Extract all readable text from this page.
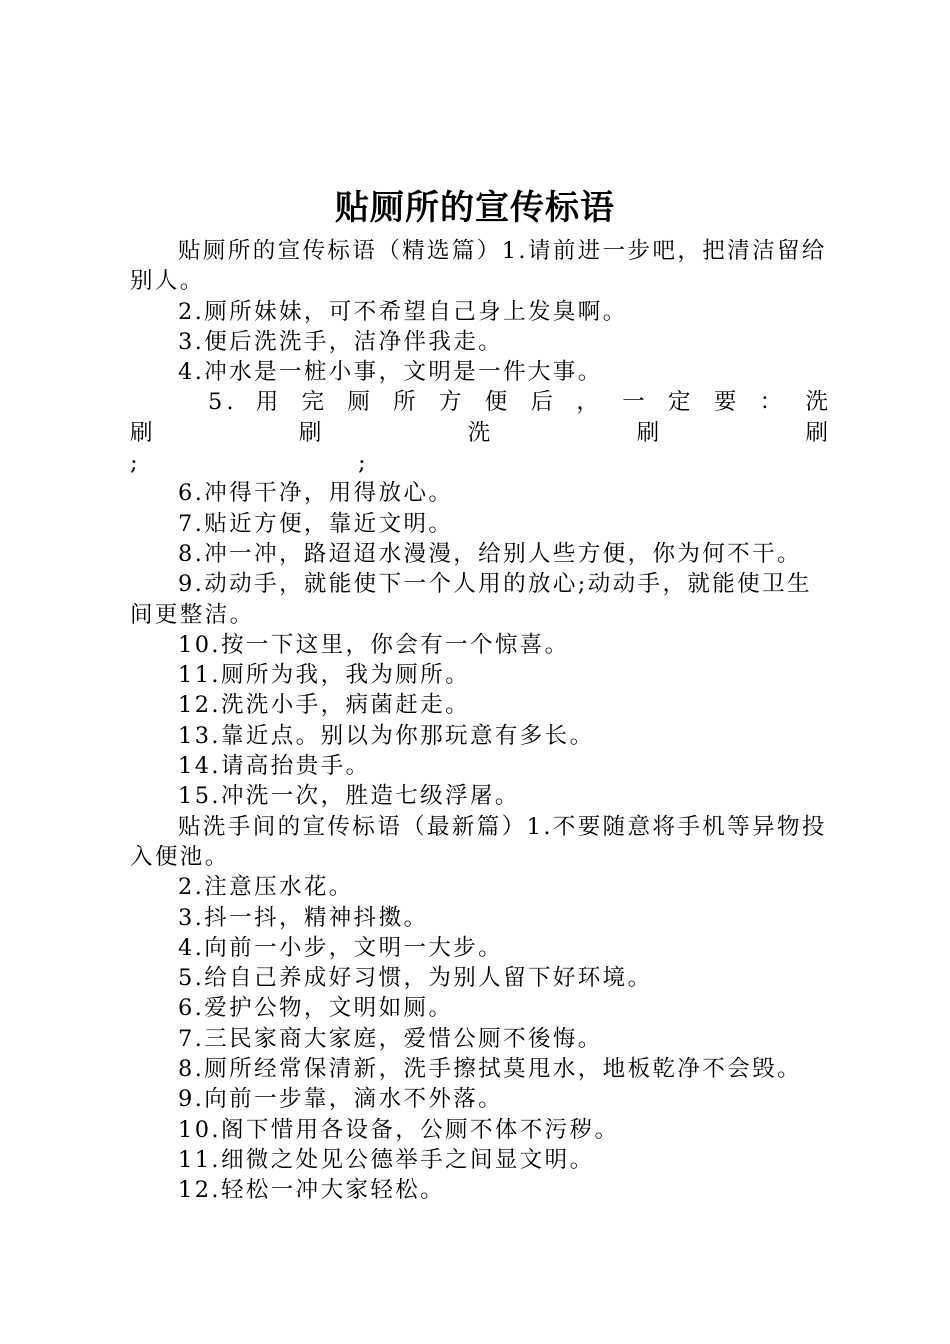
贴厕所的宣传标语

贴厕所的宣传标语（精选篇）1.请前进一步吧，把清洁留给别人。

2.厕所妹妹，可不希望自己身上发臭啊。

3.便后洗洗手，洁净伴我走。

4.冲水是一桩小事，文明是一件大事。

5. 用 完 厕 所 方 便 后 ， 一 定 要 ： 洗 刷 刷 洗 刷 刷

;	;

6.冲得干净，用得放心。

7.贴近方便，靠近文明。

8.冲一冲，路迢迢水漫漫，给别人些方便，你为何不干。

9.动动手，就能使下一个人用的放心;动动手，就能使卫生间更整洁。

10.按一下这里，你会有一个惊喜。

11.厕所为我，我为厕所。

12.洗洗小手，病菌赶走。

13.靠近点。别以为你那玩意有多长。

14.请高抬贵手。

15.冲洗一次，胜造七级浮屠。

贴洗手间的宣传标语（最新篇）1.不要随意将手机等异物投入便池。

2.注意压水花。

3.抖一抖，精神抖擞。

4.向前一小步，文明一大步。

5.给自己养成好习惯，为别人留下好环境。

6.爱护公物，文明如厕。

7.三民家商大家庭，爱惜公厕不後悔。

8.厕所经常保清新，洗手擦拭莫甩水，地板乾净不会毁。

9.向前一步靠，滴水不外落。

10.阁下惜用各设备，公厕不体不污秽。

11.细微之处见公德举手之间显文明。

12.轻松一冲大家轻松。
